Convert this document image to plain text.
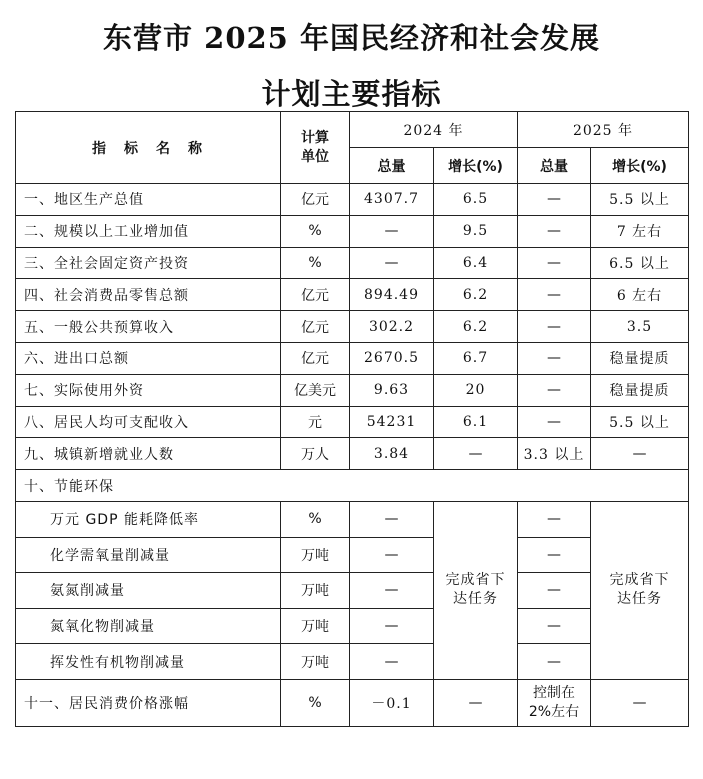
东营市 2025 年国民经济和社会发展
计划主要指标
指　标　名　称	计算单位	2024 年		2025 年	
		总量	增长(%)	总量	增长(%)
一、地区生产总值	亿元	4307.7	6.5	—	5.5 以上
二、规模以上工业增加值	%	—	9.5	—	7 左右
三、全社会固定资产投资	%	—	6.4	—	6.5 以上
四、社会消费品零售总额	亿元	894.49	6.2	—	6 左右
五、一般公共预算收入	亿元	302.2	6.2	—	3.5
六、进出口总额	亿元	2670.5	6.7	—	稳量提质
七、实际使用外资	亿美元	9.63	20	—	稳量提质
八、居民人均可支配收入	元	54231	6.1	—	5.5 以上
九、城镇新增就业人数	万人	3.84	—	3.3 以上	—
十、节能环保					
万元 GDP 能耗降低率	%	—	完成省下达任务	—	完成省下达任务
化学需氧量削减量	万吨	—		—	
氨氮削减量	万吨	—		—	
氮氧化物削减量	万吨	—		—	
挥发性有机物削减量	万吨	—		—	
十一、居民消费价格涨幅	%	－0.1	—	控制在2%左右	—
